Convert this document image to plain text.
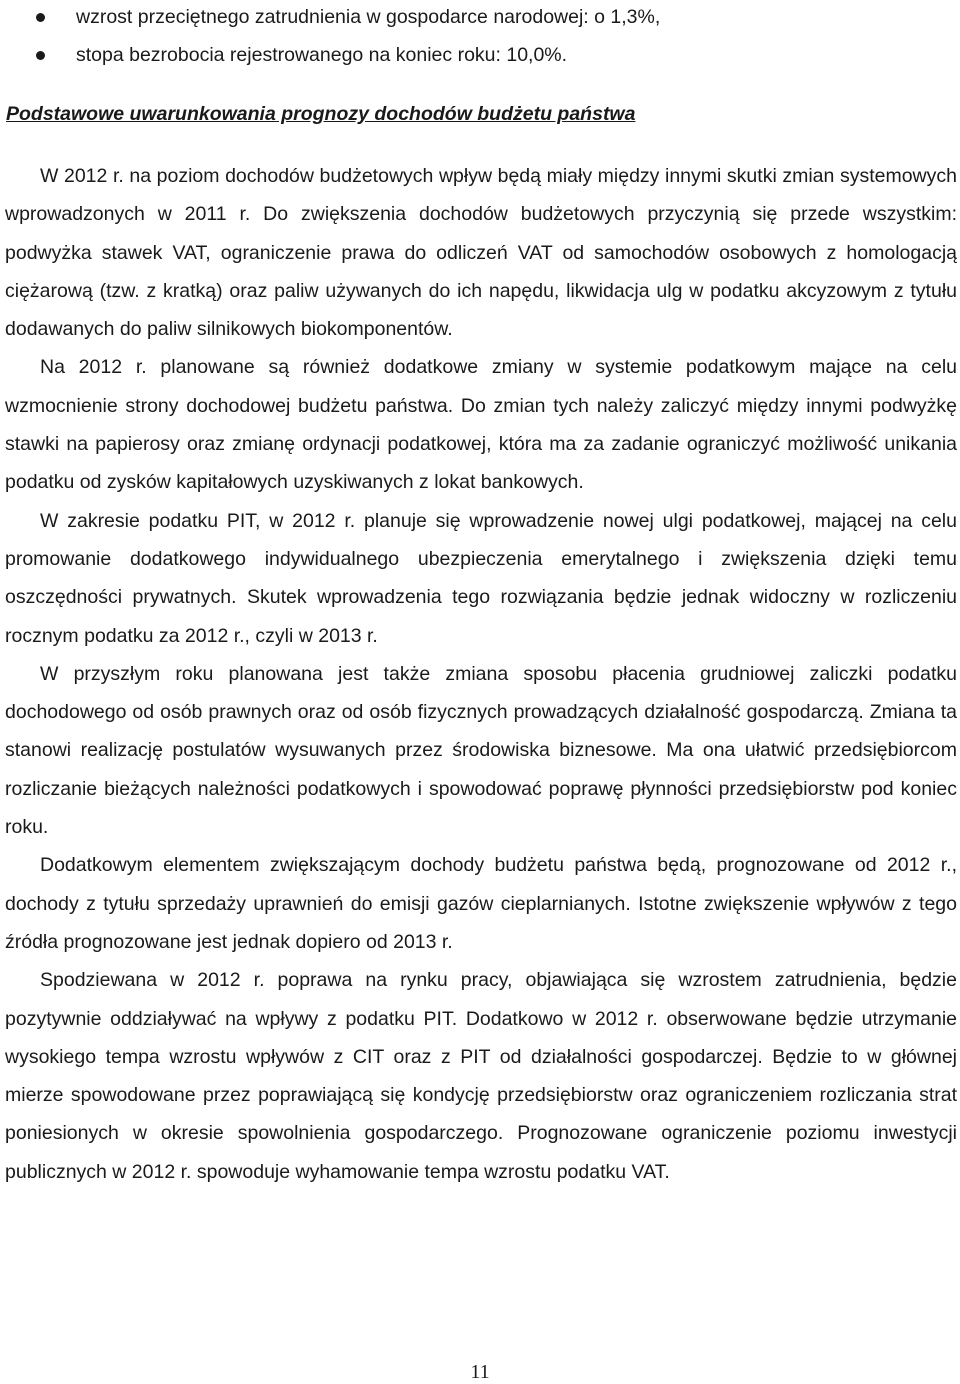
wzrost przeciętnego zatrudnienia w gospodarce narodowej: o 1,3%,
stopa bezrobocia rejestrowanego na koniec roku: 10,0%.
Podstawowe uwarunkowania prognozy dochodów budżetu państwa

W 2012 r. na poziom dochodów budżetowych wpływ będą miały między innymi skutki zmian systemowych wprowadzonych w 2011 r. Do zwiększenia dochodów budżetowych przyczynią się przede wszystkim: podwyżka stawek VAT, ograniczenie prawa do odliczeń VAT od samochodów osobowych z homologacją ciężarową (tzw. z kratką) oraz paliw używanych do ich napędu, likwidacja ulg w podatku akcyzowym z tytułu dodawanych do paliw silnikowych biokomponentów.

Na 2012 r. planowane są również dodatkowe zmiany w systemie podatkowym mające na celu wzmocnienie strony dochodowej budżetu państwa. Do zmian tych należy zaliczyć między innymi podwyżkę stawki na papierosy oraz zmianę ordynacji podatkowej, która ma za zadanie ograniczyć możliwość unikania podatku od zysków kapitałowych uzyskiwanych z lokat bankowych.

W zakresie podatku PIT, w 2012 r. planuje się wprowadzenie nowej ulgi podatkowej, mającej na celu promowanie dodatkowego indywidualnego ubezpieczenia emerytalnego i zwiększenia dzięki temu oszczędności prywatnych. Skutek wprowadzenia tego rozwiązania będzie jednak widoczny w rozliczeniu rocznym podatku za 2012 r., czyli w 2013 r.

W przyszłym roku planowana jest także zmiana sposobu płacenia grudniowej zaliczki podatku dochodowego od osób prawnych oraz od osób fizycznych prowadzących działalność gospodarczą. Zmiana ta stanowi realizację postulatów wysuwanych przez środowiska biznesowe. Ma ona ułatwić przedsiębiorcom rozliczanie bieżących należności podatkowych i spowodować poprawę płynności przedsiębiorstw pod koniec roku.

Dodatkowym elementem zwiększającym dochody budżetu państwa będą, prognozowane od 2012 r., dochody z tytułu sprzedaży uprawnień do emisji gazów cieplarnianych. Istotne zwiększenie wpływów z tego źródła prognozowane jest jednak dopiero od 2013 r.

Spodziewana w 2012 r. poprawa na rynku pracy, objawiająca się wzrostem zatrudnienia, będzie pozytywnie oddziaływać na wpływy z podatku PIT. Dodatkowo w 2012 r. obserwowane będzie utrzymanie wysokiego tempa wzrostu wpływów z CIT oraz z PIT od działalności gospodarczej. Będzie to w głównej mierze spowodowane przez poprawiającą się kondycję przedsiębiorstw oraz ograniczeniem rozliczania strat poniesionych w okresie spowolnienia gospodarczego. Prognozowane ograniczenie poziomu inwestycji publicznych w 2012 r. spowoduje wyhamowanie tempa wzrostu podatku VAT.

11
